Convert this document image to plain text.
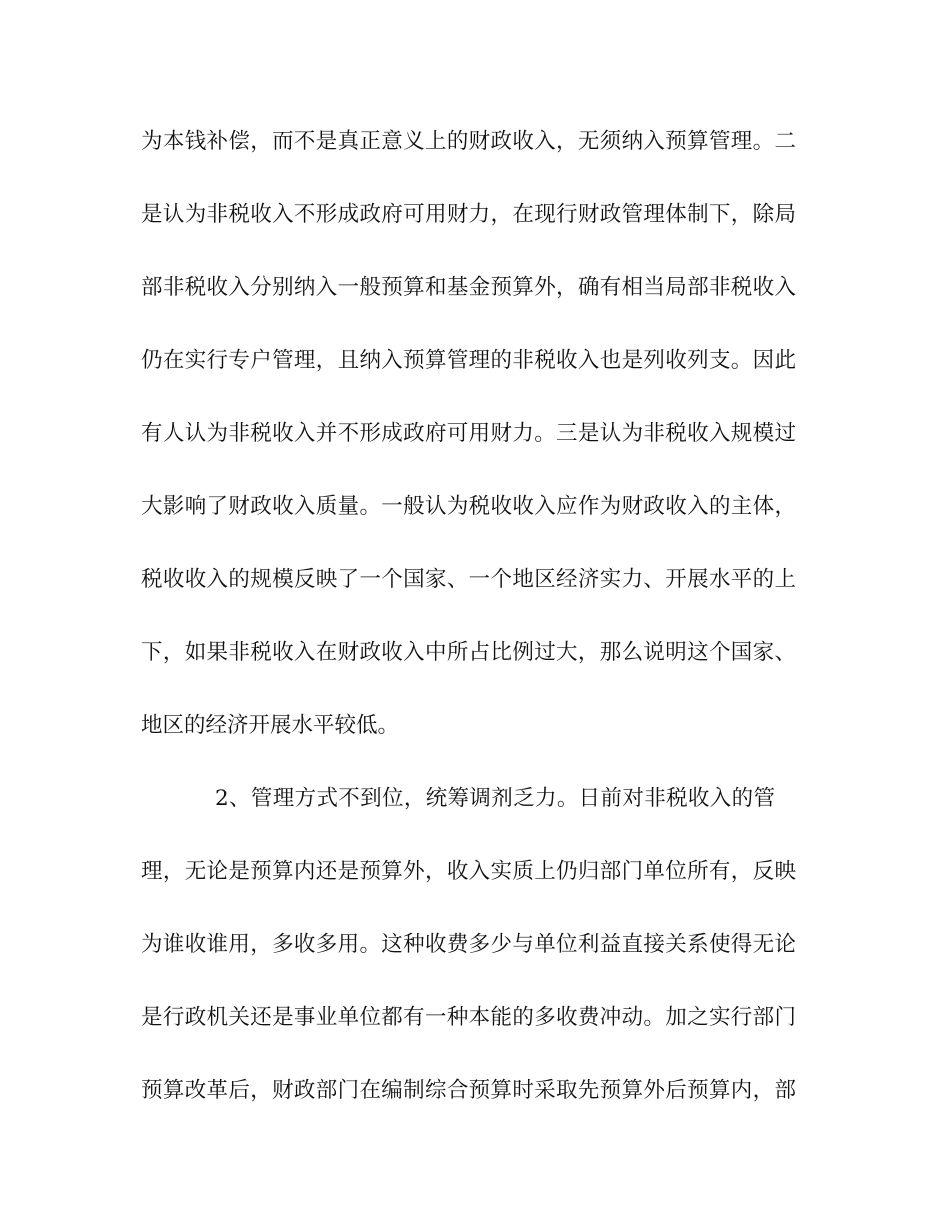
为本钱补偿，而不是真正意义上的财政收入，无须纳入预算管理。二
是认为非税收入不形成政府可用财力，在现行财政管理体制下，除局
部非税收入分别纳入一般预算和基金预算外，确有相当局部非税收入
仍在实行专户管理，且纳入预算管理的非税收入也是列收列支。因此
有人认为非税收入并不形成政府可用财力。三是认为非税收入规模过
大影响了财政收入质量。一般认为税收收入应作为财政收入的主体，
税收收入的规模反映了一个国家、一个地区经济实力、开展水平的上
下，如果非税收入在财政收入中所占比例过大，那么说明这个国家、
地区的经济开展水平较低。
2、管理方式不到位，统筹调剂乏力。日前对非税收入的管
理，无论是预算内还是预算外，收入实质上仍归部门单位所有，反映
为谁收谁用，多收多用。这种收费多少与单位利益直接关系使得无论
是行政机关还是事业单位都有一种本能的多收费冲动。加之实行部门
预算改革后，财政部门在编制综合预算时采取先预算外后预算内，部
